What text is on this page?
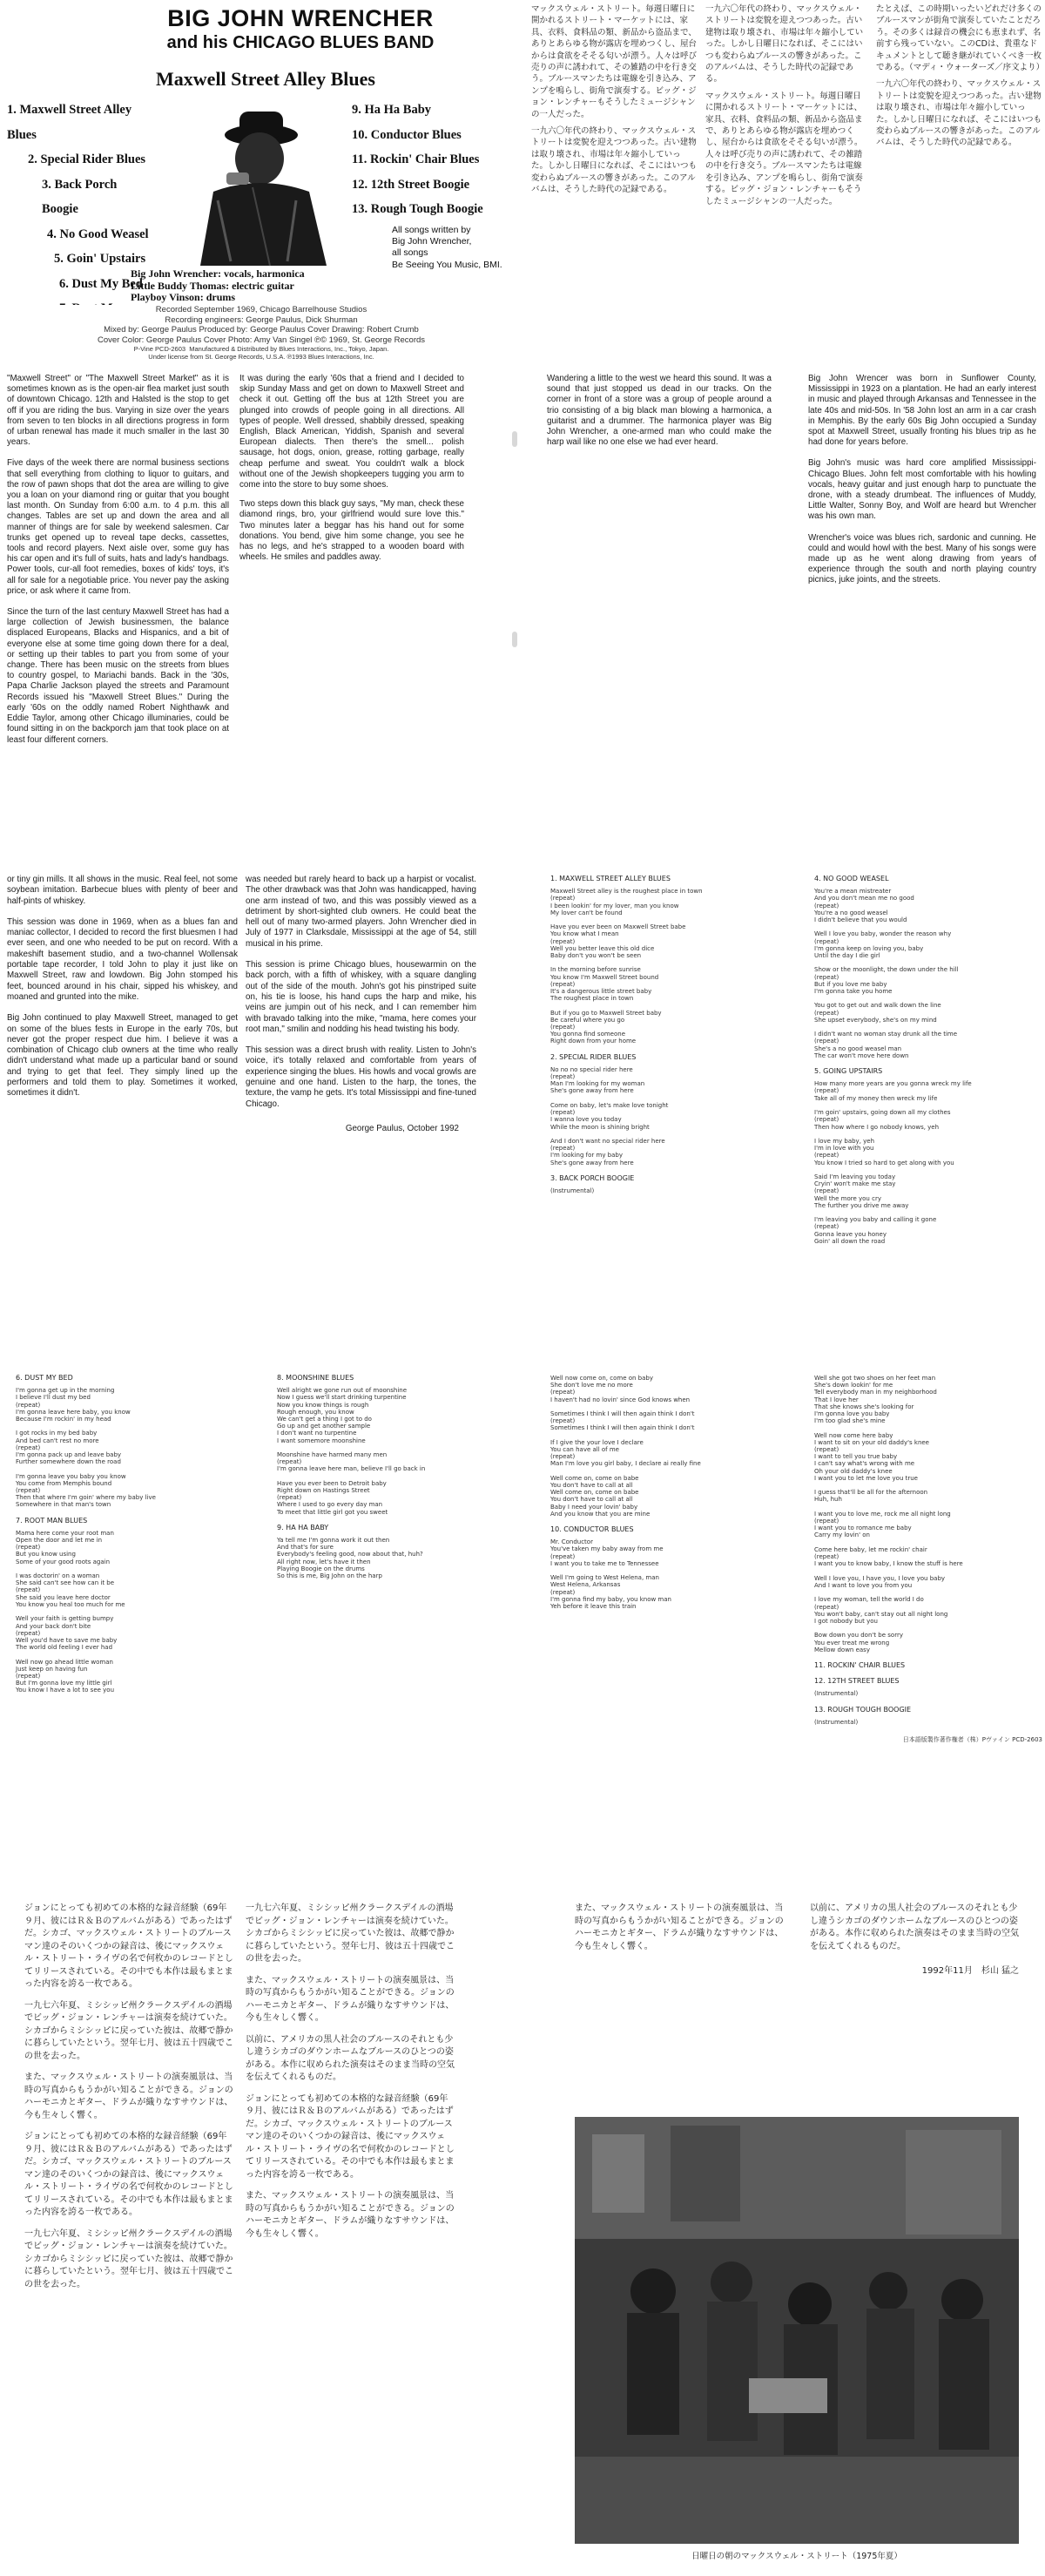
BIG JOHN WRENCHER
and his CHICAGO BLUES BAND
Maxwell Street Alley Blues
1. Maxwell Street Alley Blues
2. Special Rider Blues
3. Back Porch Boogie
4. No Good Weasel
5. Goin' Upstairs
6. Dust My Bed
9. Ha Ha Baby
10. Conductor Blues
11. Rockin' Chair Blues
12. 12th Street Boogie
13. Rough Tough Boogie
All songs written by
Big John Wrencher,
all songs
Be Seeing You Music, BMI.
Big John Wrencher: vocals, harmonica
Little Buddy Thomas: electric guitar
Playboy Vinson: drums
Recorded September 1969, Chicago Barrelhouse Studios
Recording engineers: George Paulus, Dick Shurman
Mixed by: George Paulus Produced by: George Paulus Cover Drawing: Robert Crumb
Cover Color: George Paulus Cover Photo: Amy Van Singel ℗© 1969, St. George Records
P-Vine PCD-2603 Manufactured & Distributed by Blues Interactions, Inc., Tokyo, Japan.
Under license from St. George Records, U.S.A. ℗1993 Blues Interactions, Inc.
マックスウェル・ストリート。毎週日曜日に開かれるストリート・マーケットには、家具、衣料、食料品の類、新品から盗品まで、ありとあらゆる物が露店を埋めつくし、屋台からは食欲をそそる匂いが漂う。人々は呼び売りの声に誘われて、その雑踏の中を行き交う。ブルースマンたちは電線を引き込み、アンプを鳴らし、街角で演奏する。ビッグ・ジョン・レンチャーもそうしたミュージシャンの一人だった。
一九六〇年代の終わり、マックスウェル・ストリートは変貌を迎えつつあった。古い建物は取り壊され、市場は年々縮小していった。しかし日曜日になれば、そこにはいつも変わらぬブルースの響きがあった。このアルバムは、そうした時代の記録である。
一九六〇年代の終わり、マックスウェル・ストリートは変貌を迎えつつあった。古い建物は取り壊され、市場は年々縮小していった。しかし日曜日になれば、そこにはいつも変わらぬブルースの響きがあった。このアルバムは、そうした時代の記録である。
マックスウェル・ストリート。毎週日曜日に開かれるストリート・マーケットには、家具、衣料、食料品の類、新品から盗品まで、ありとあらゆる物が露店を埋めつくし、屋台からは食欲をそそる匂いが漂う。人々は呼び売りの声に誘われて、その雑踏の中を行き交う。ブルースマンたちは電線を引き込み、アンプを鳴らし、街角で演奏する。ビッグ・ジョン・レンチャーもそうしたミュージシャンの一人だった。
たとえば、この時期いったいどれだけ多くのブルースマンが街角で演奏していたことだろう。その多くは録音の機会にも恵まれず、名前すら残っていない。このCDは、貴重なドキュメントとして聴き継がれていくべき一枚である。（マディ・ウォーターズ／序文より）
一九六〇年代の終わり、マックスウェル・ストリートは変貌を迎えつつあった。古い建物は取り壊され、市場は年々縮小していった。しかし日曜日になれば、そこにはいつも変わらぬブルースの響きがあった。このアルバムは、そうした時代の記録である。

"Maxwell Street" or "The Maxwell Street Market" as it is sometimes known as is the open-air flea market just south of downtown Chicago. 12th and Halsted is the stop to get off if you are riding the bus. Varying in size over the years from seven to ten blocks in all directions progress in form of urban renewal has made it much smaller in the last 30 years.

Five days of the week there are normal business sections that sell everything from clothing to liquor to guitars, and the row of pawn shops that dot the area are willing to give you a loan on your diamond ring or guitar that you bought last month. On Sunday from 6:00 a.m. to 4 p.m. this all changes. Tables are set up and down the area and all manner of things are for sale by weekend salesmen. Car trunks get opened up to reveal tape decks, cassettes, tools and record players. Next aisle over, some guy has his car open and it's full of suits, hats and lady's handbags. Power tools, cur-all foot remedies, boxes of kids' toys, it's all for sale for a negotiable price. You never pay the asking price, or ask where it came from.

Since the turn of the last century Maxwell Street has had a large collection of Jewish businessmen, the balance displaced Europeans, Blacks and Hispanics, and a bit of everyone else at some time going down there for a deal, or setting up their tables to part you from some of your change. There has been music on the streets from blues to country gospel, to Mariachi bands. Back in the '30s, Papa Charlie Jackson played the streets and Paramount Records issued his "Maxwell Street Blues." During the early '60s on the oddly named Robert Nighthawk and Eddie Taylor, among other Chicago illuminaries, could be found sitting in on the backporch jam that took place on at least four different corners.

It was during the early '60s that a friend and I decided to skip Sunday Mass and get on down to Maxwell Street and check it out. Getting off the bus at 12th Street you are plunged into crowds of people going in all directions. All types of people. Well dressed, shabbily dressed, speaking English, Black American, Yiddish, Spanish and several European dialects. Then there's the smell... polish sausage, hot dogs, onion, grease, rotting garbage, really cheap perfume and sweat. You couldn't walk a block without one of the Jewish shopkeepers tugging you arm to come into the store to buy some shoes.

Two steps down this black guy says, "My man, check these diamond rings, bro, your girlfriend would sure love this." Two minutes later a beggar has his hand out for some donations. You bend, give him some change, you see he has no legs, and he's strapped to a wooden board with wheels. He smiles and paddles away.

Wandering a little to the west we heard this sound. It was a sound that just stopped us dead in our tracks. On the corner in front of a store was a group of people around a trio consisting of a big black man blowing a harmonica, a guitarist and a drummer. The harmonica player was Big John Wrencher, a one-armed man who could make the harp wail like no one else we had ever heard.

Big John Wrencer was born in Sunflower County, Mississippi in 1923 on a plantation. He had an early interest in music and played through Arkansas and Tennessee in the late 40s and mid-50s. In '58 John lost an arm in a car crash in Memphis. By the early 60s Big John occupied a Sunday spot at Maxwell Street, usually fronting his blues trip as he had done for years before.

Big John's music was hard core amplified Mississippi-Chicago Blues. John felt most comfortable with his howling vocals, heavy guitar and just enough harp to punctuate the drone, with a steady drumbeat. The influences of Muddy, Little Walter, Sonny Boy, and Wolf are heard but Wrencher was his own man.

Wrencher's voice was blues rich, sardonic and cunning. He could and would howl with the best. Many of his songs were made up as he went along drawing from years of experience through the south and north playing country picnics, juke joints, and the streets.

or tiny gin mills. It all shows in the music. Real feel, not some soybean imitation. Barbecue blues with plenty of beer and half-pints of whiskey.

This session was done in 1969, when as a blues fan and maniac collector, I decided to record the first bluesmen I had ever seen, and one who needed to be put on record. With a makeshift basement studio, and a two-channel Wollensak portable tape recorder, I told John to play it just like on Maxwell Street, raw and lowdown. Big John stomped his feet, bounced around in his chair, sipped his whiskey, and moaned and grunted into the mike.

Big John continued to play Maxwell Street, managed to get on some of the blues fests in Europe in the early 70s, but never got the proper respect due him. I believe it was a combination of Chicago club owners at the time who really didn't understand what made up a particular band or sound and trying to get that feel. They simply lined up the performers and told them to play. Sometimes it worked, sometimes it didn't.

was needed but rarely heard to back up a harpist or vocalist. The other drawback was that John was handicapped, having one arm instead of two, and this was possibly viewed as a detriment by short-sighted club owners. He could beat the hell out of many two-armed players. John Wrencher died in July of 1977 in Clarksdale, Mississippi at the age of 54, still musical in his prime.

This session is prime Chicago blues, housewarmin on the back porch, with a fifth of whiskey, with a square dangling out of the side of the mouth. John's got his pinstriped suite on, his tie is loose, his hand cups the harp and mike, his veins are jumpin out of his neck, and I can remember him with bravado talking into the mike, "mama, here comes your root man," smilin and nodding his head twisting his body.

This session was a direct brush with reality. Listen to John's voice, it's totally relaxed and comfortable from years of experience singing the blues. His howls and vocal growls are genuine and one hand. Listen to the harp, the tones, the texture, the vamp he gets. It's total Mississippi and fine-tuned Chicago.

George Paulus, October 1992
1. MAXWELL STREET ALLEY BLUES
Maxwell Street alley is the roughest place in town
(repeat)
I been lookin' for my lover, man you know
My lover can't be found

Have you ever been on Maxwell Street babe
You know what I mean
(repeat)
Well you better leave this old dice
Baby don't you won't be seen

In the morning before sunrise
You know I'm Maxwell Street bound
(repeat)
It's a dangerous little street baby
The roughest place in town

But if you go to Maxwell Street baby
Be careful where you go
(repeat)
You gonna find someone
Right down from your home
2. SPECIAL RIDER BLUES
No no no special rider here
(repeat)
Man I'm looking for my woman
She's gone away from here

Come on baby, let's make love tonight
(repeat)
I wanna love you today
While the moon is shining bright

And I don't want no special rider here
(repeat)
I'm looking for my baby
She's gone away from here
3. BACK PORCH BOOGIE
(Instrumental)
4. NO GOOD WEASEL
You're a mean mistreater
And you don't mean me no good
(repeat)
You're a no good weasel
I didn't believe that you would

Well I love you baby, wonder the reason why
(repeat)
I'm gonna keep on loving you, baby
Until the day I die girl

Show or the moonlight, the down under the hill
(repeat)
But if you love me baby
I'm gonna take you home

You got to get out and walk down the line
(repeat)
She upset everybody, she's on my mind

I didn't want no woman stay drunk all the time
(repeat)
She's a no good weasel man
The car won't move here down
5. GOING UPSTAIRS
How many more years are you gonna wreck my life
(repeat)
Take all of my money then wreck my life

I'm goin' upstairs, going down all my clothes
(repeat)
Then how where I go nobody knows, yeh

I love my baby, yeh
I'm in love with you
(repeat)
You know I tried so hard to get along with you

Said I'm leaving you today
Cryin' won't make me stay
(repeat)
Well the more you cry
The further you drive me away

I'm leaving you baby and calling it gone
(repeat)
Gonna leave you honey
Goin' all down the road
6. DUST MY BED
I'm gonna get up in the morning
I believe I'll dust my bed
(repeat)
I'm gonna leave here baby, you know
Because I'm rockin' in my head

I got rocks in my bed baby
And bed can't rest no more
(repeat)
I'm gonna pack up and leave baby
Further somewhere down the road

I'm gonna leave you baby you know
You come from Memphis bound
(repeat)
Then that where I'm goin' where my baby live
Somewhere in that man's town
7. ROOT MAN BLUES
Mama here come your root man
Open the door and let me in
(repeat)
But you know using
Some of your good roots again

I was doctorin' on a woman
She said can't see how can it be
(repeat)
She said you leave here doctor
You know you heal too much for me

Well your faith is getting bumpy
And your back don't bite
(repeat)
Well you'd have to save me baby
The world old feeling I ever had

Well now go ahead little woman
Just keep on having fun
(repeat)
But I'm gonna love my little girl
You know I have a lot to see you
8. MOONSHINE BLUES
Well alright we gone run out of moonshine
Now I guess we'll start drinking turpentine
Now you know things is rough
Rough enough, you know
We can't get a thing I got to do
Go up and get another sample
I don't want no turpentine
I want somemore moonshine

Moonshine have harmed many men
(repeat)
I'm gonna leave here man, believe I'll go back in

Have you ever been to Detroit baby
Right down on Hastings Street
(repeat)
Where I used to go every day man
To meet that little girl got you sweet
9. HA HA BABY
Ya tell me I'm gonna work it out then
And that's for sure
Everybody's feeling good, now about that, huh?
All right now, let's have it then
Playing Boogie on the drums
So this is me, Big John on the harp
Well now come on, come on baby
She don't love me no more
(repeat)
I haven't had no lovin' since God knows when

Sometimes I think I will then again think I don't
(repeat)
Sometimes I think I will then again think I don't

If I give the your love I declare
You can have all of me
(repeat)
Man I'm love you girl baby, I declare ai really fine

Well come on, come on babe
You don't have to call at all
Well come on, come on babe
You don't have to call at all
Baby I need your lovin' baby
And you know that you are mine
10. CONDUCTOR BLUES
Mr. Conductor
You've taken my baby away from me
(repeat)
I want you to take me to Tennessee

Well I'm going to West Helena, man
West Helena, Arkansas
(repeat)
I'm gonna find my baby, you know man
Yeh before it leave this train
Well she got two shoes on her feet man
She's down lookin' for me
Tell everybody man in my neighborhood
That I love her
That she knows she's looking for
I'm gonna love you baby
I'm too glad she's mine

Well now come here baby
I want to sit on your old daddy's knee
(repeat)
I want to tell you true baby
I can't say what's wrong with me
Oh your old daddy's knee
I want you to let me love you true

I guess that'll be all for the afternoon
Huh, huh

I want you to love me, rock me all night long
(repeat)
I want you to romance me baby
Carry my lovin' on

Come here baby, let me rockin' chair
(repeat)
I want you to know baby, I know the stuff is here

Well I love you, I have you, I love you baby
And I want to love you from you

I love my woman, tell the world I do
(repeat)
You won't baby, can't stay out all night long
I got nobody but you

Bow down you don't be sorry
You ever treat me wrong
Mellow down easy
11. ROCKIN' CHAIR BLUES
12. 12TH STREET BLUES
(Instrumental)
13. ROUGH TOUGH BOOGIE
(Instrumental)
日本語版製作著作権者（株）Pヴァイン PCD-2603
ジョンにとっても初めての本格的な録音経験（69年９月、彼にはＲ＆Ｂのアルバムがある）であったはずだ。シカゴ、マックスウェル・ストリートのブルースマン達のそのいくつかの録音は、後にマックスウェル・ストリート・ライヴの名で何枚かのレコードとしてリリースされている。その中でも本作は最もまとまった内容を誇る一枚である。
一九七六年夏、ミシシッピ州クラークスデイルの酒場でビッグ・ジョン・レンチャーは演奏を続けていた。シカゴからミシシッピに戻っていた彼は、故郷で静かに暮らしていたという。翌年七月、彼は五十四歳でこの世を去った。
また、マックスウェル・ストリートの演奏風景は、当時の写真からもうかがい知ることができる。ジョンのハーモニカとギター、ドラムが織りなすサウンドは、今も生々しく響く。
ジョンにとっても初めての本格的な録音経験（69年９月、彼にはＲ＆Ｂのアルバムがある）であったはずだ。シカゴ、マックスウェル・ストリートのブルースマン達のそのいくつかの録音は、後にマックスウェル・ストリート・ライヴの名で何枚かのレコードとしてリリースされている。その中でも本作は最もまとまった内容を誇る一枚である。
一九七六年夏、ミシシッピ州クラークスデイルの酒場でビッグ・ジョン・レンチャーは演奏を続けていた。シカゴからミシシッピに戻っていた彼は、故郷で静かに暮らしていたという。翌年七月、彼は五十四歳でこの世を去った。
一九七六年夏、ミシシッピ州クラークスデイルの酒場でビッグ・ジョン・レンチャーは演奏を続けていた。シカゴからミシシッピに戻っていた彼は、故郷で静かに暮らしていたという。翌年七月、彼は五十四歳でこの世を去った。
また、マックスウェル・ストリートの演奏風景は、当時の写真からもうかがい知ることができる。ジョンのハーモニカとギター、ドラムが織りなすサウンドは、今も生々しく響く。
以前に、アメリカの黒人社会のブルースのそれとも少し違うシカゴのダウンホームなブルースのひとつの姿がある。本作に収められた演奏はそのまま当時の空気を伝えてくれるものだ。
ジョンにとっても初めての本格的な録音経験（69年９月、彼にはＲ＆Ｂのアルバムがある）であったはずだ。シカゴ、マックスウェル・ストリートのブルースマン達のそのいくつかの録音は、後にマックスウェル・ストリート・ライヴの名で何枚かのレコードとしてリリースされている。その中でも本作は最もまとまった内容を誇る一枚である。
また、マックスウェル・ストリートの演奏風景は、当時の写真からもうかがい知ることができる。ジョンのハーモニカとギター、ドラムが織りなすサウンドは、今も生々しく響く。
また、マックスウェル・ストリートの演奏風景は、当時の写真からもうかがい知ることができる。ジョンのハーモニカとギター、ドラムが織りなすサウンドは、今も生々しく響く。
以前に、アメリカの黒人社会のブルースのそれとも少し違うシカゴのダウンホームなブルースのひとつの姿がある。本作に収められた演奏はそのまま当時の空気を伝えてくれるものだ。
1992年11月　杉山 猛之
日曜日の朝のマックスウェル・ストリート（1975年夏）
